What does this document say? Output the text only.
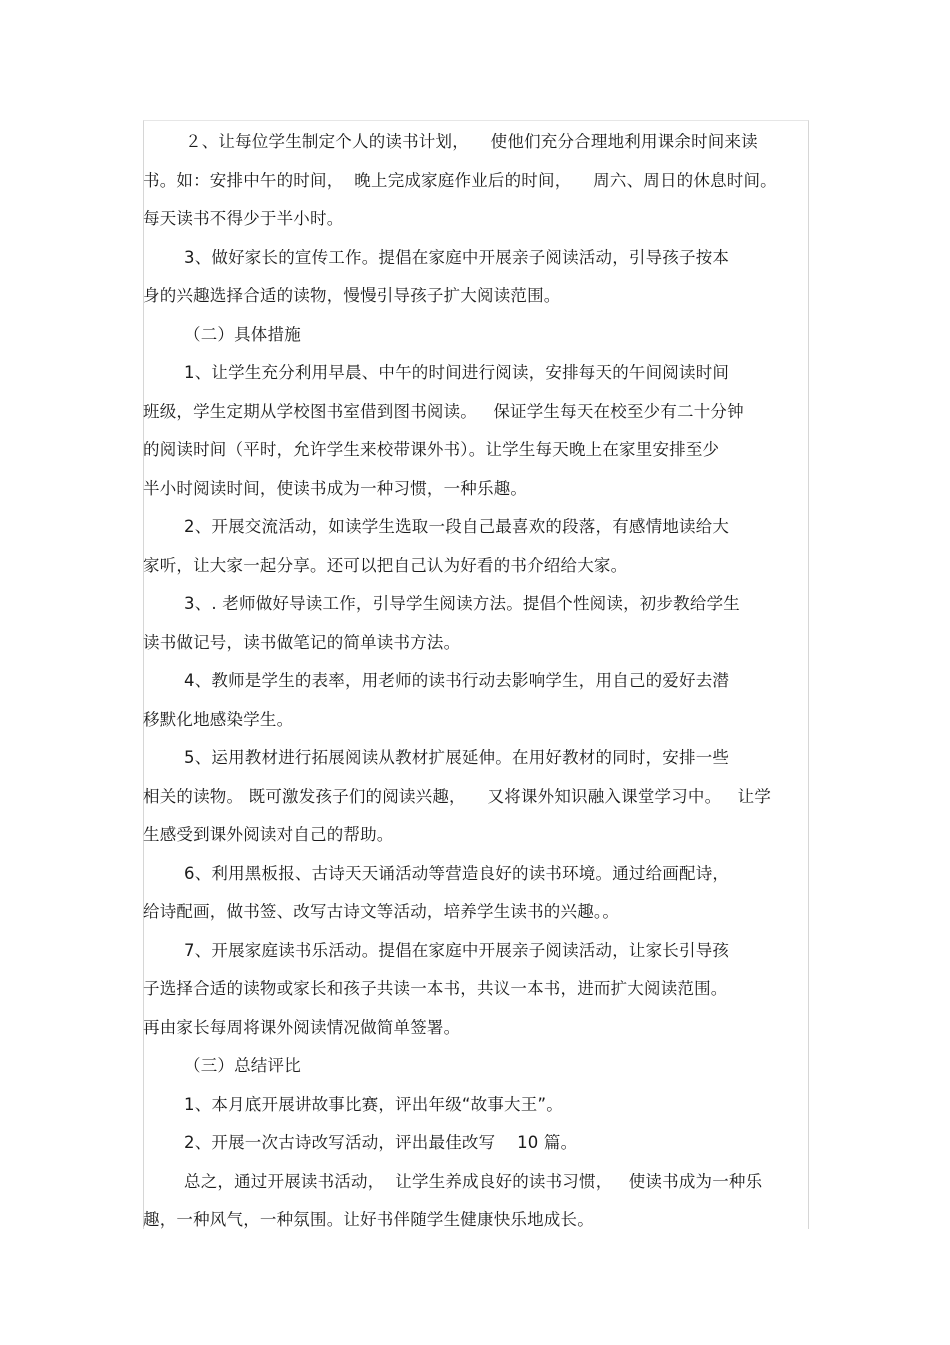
２、让每位学生制定个人的读书计划，    使他们充分合理地利用课余时间来读
书。如：安排中午的时间，  晚上完成家庭作业后的时间，    周六、周日的休息时间。
每天读书不得少于半小时。
3、做好家长的宣传工作。提倡在家庭中开展亲子阅读活动，引导孩子按本
身的兴趣选择合适的读物，慢慢引导孩子扩大阅读范围。
（二）具体措施
1、让学生充分利用早晨、中午的时间进行阅读，安排每天的午间阅读时间
班级，学生定期从学校图书室借到图书阅读。   保证学生每天在校至少有二十分钟
的阅读时间（平时，允许学生来校带课外书）。让学生每天晚上在家里安排至少
半小时阅读时间，使读书成为一种习惯，一种乐趣。
2、开展交流活动，如读学生选取一段自己最喜欢的段落，有感情地读给大
家听，让大家一起分享。还可以把自己认为好看的书介绍给大家。
3、. 老师做好导读工作，引导学生阅读方法。提倡个性阅读，初步教给学生
读书做记号，读书做笔记的简单读书方法。
4、教师是学生的表率，用老师的读书行动去影响学生，用自己的爱好去潜
移默化地感染学生。
5、运用教材进行拓展阅读从教材扩展延伸。在用好教材的同时，安排一些
相关的读物。 既可激发孩子们的阅读兴趣，    又将课外知识融入课堂学习中。   让学
生感受到课外阅读对自己的帮助。
6、利用黑板报、古诗天天诵活动等营造良好的读书环境。通过给画配诗，
给诗配画，做书签、改写古诗文等活动，培养学生读书的兴趣。。
7、开展家庭读书乐活动。提倡在家庭中开展亲子阅读活动，让家长引导孩
子选择合适的读物或家长和孩子共读一本书，共议一本书，进而扩大阅读范围。
再由家长每周将课外阅读情况做简单签署。
（三）总结评比
1、本月底开展讲故事比赛，评出年级“故事大王”。
2、开展一次古诗改写活动，评出最佳改写    10 篇。
总之，通过开展读书活动，  让学生养成良好的读书习惯，   使读书成为一种乐
趣，一种风气，一种氛围。让好书伴随学生健康快乐地成长。
